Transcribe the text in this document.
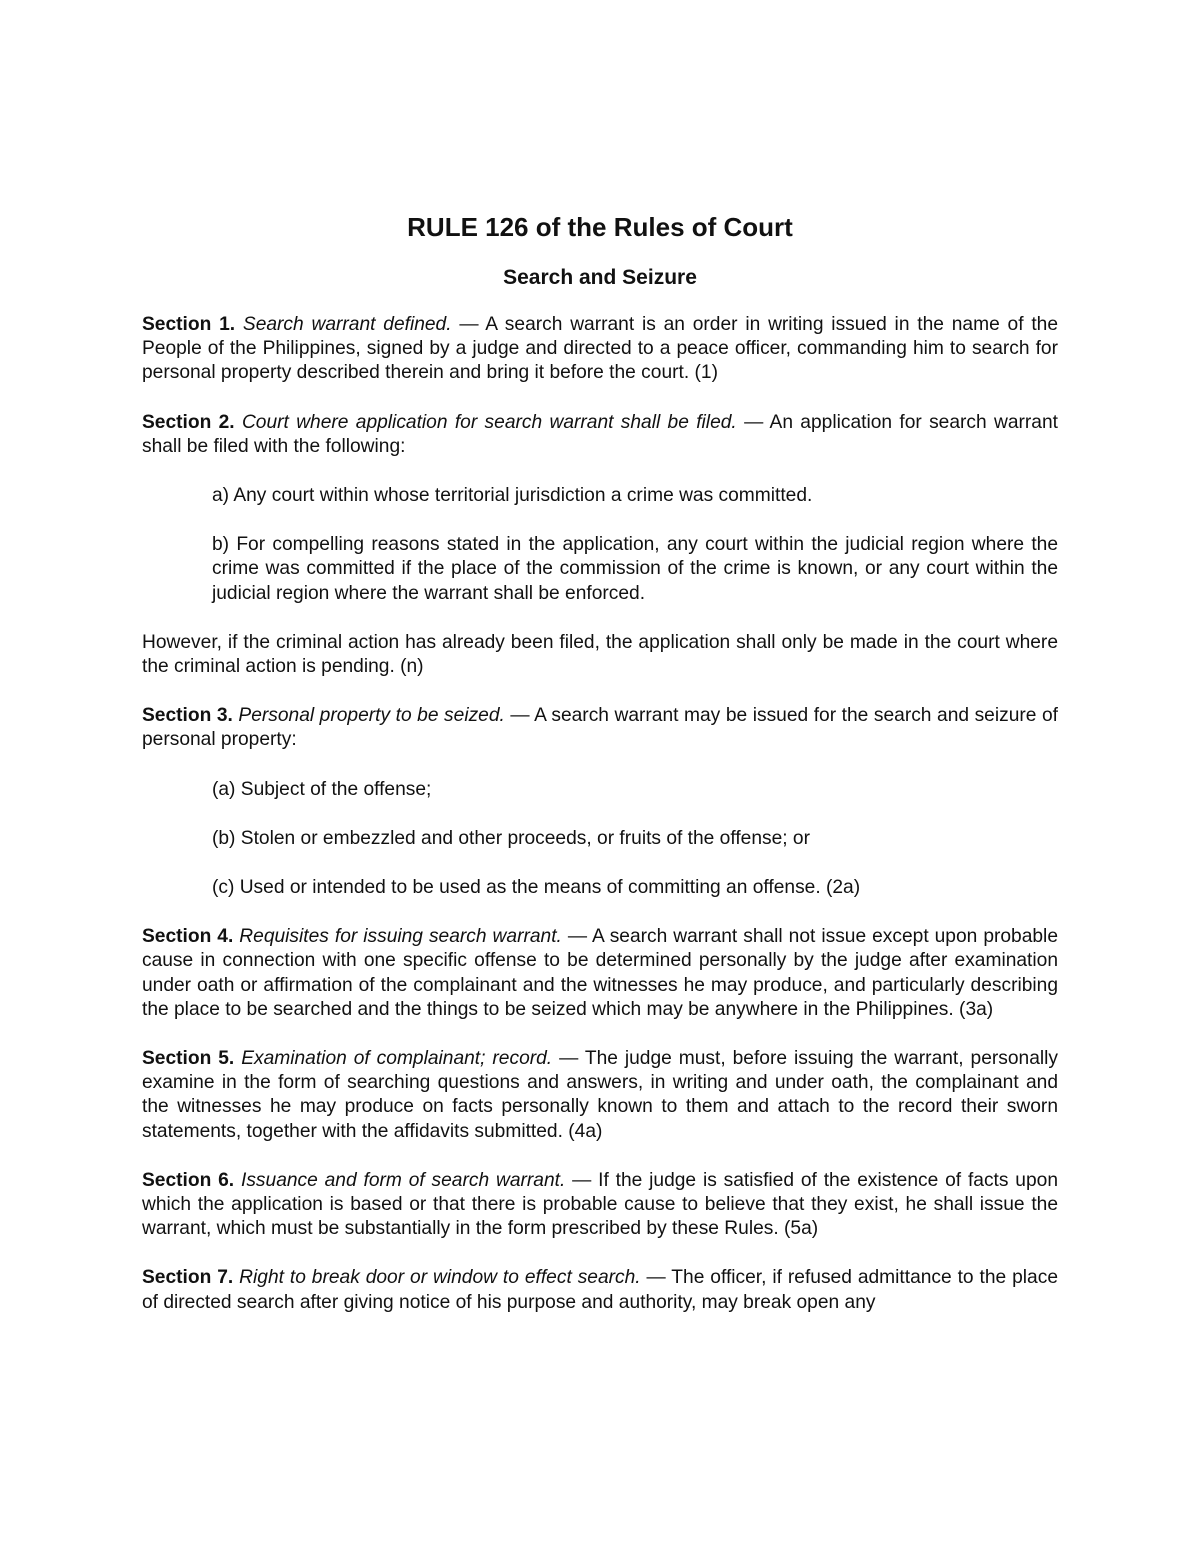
RULE 126 of the Rules of Court
Search and Seizure

Section 1. Search warrant defined. — A search warrant is an order in writing issued in the name of the People of the Philippines, signed by a judge and directed to a peace officer, commanding him to search for personal property described therein and bring it before the court. (1)

Section 2. Court where application for search warrant shall be filed. — An application for search warrant shall be filed with the following:

a) Any court within whose territorial jurisdiction a crime was committed.

b) For compelling reasons stated in the application, any court within the judicial region where the crime was committed if the place of the commission of the crime is known, or any court within the judicial region where the warrant shall be enforced.

However, if the criminal action has already been filed, the application shall only be made in the court where the criminal action is pending. (n)

Section 3. Personal property to be seized. — A search warrant may be issued for the search and seizure of personal property:

(a) Subject of the offense;

(b) Stolen or embezzled and other proceeds, or fruits of the offense; or

(c) Used or intended to be used as the means of committing an offense. (2a)

Section 4. Requisites for issuing search warrant. — A search warrant shall not issue except upon probable cause in connection with one specific offense to be determined personally by the judge after examination under oath or affirmation of the complainant and the witnesses he may produce, and particularly describing the place to be searched and the things to be seized which may be anywhere in the Philippines. (3a)

Section 5. Examination of complainant; record. — The judge must, before issuing the warrant, personally examine in the form of searching questions and answers, in writing and under oath, the complainant and the witnesses he may produce on facts personally known to them and attach to the record their sworn statements, together with the affidavits submitted. (4a)

Section 6. Issuance and form of search warrant. — If the judge is satisfied of the existence of facts upon which the application is based or that there is probable cause to believe that they exist, he shall issue the warrant, which must be substantially in the form prescribed by these Rules. (5a)

Section 7. Right to break door or window to effect search. — The officer, if refused admittance to the place of directed search after giving notice of his purpose and authority, may break open any
